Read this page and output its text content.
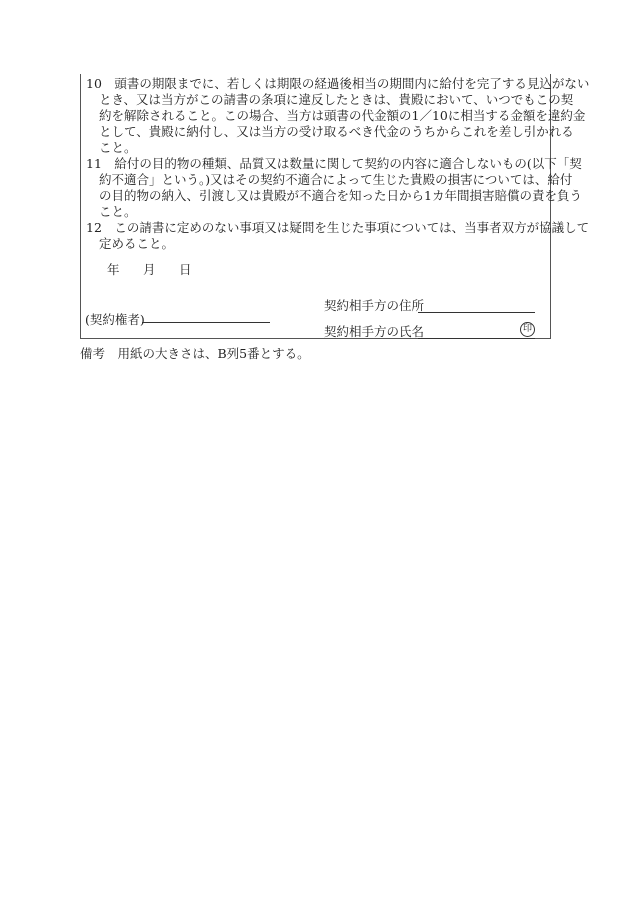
10　頭書の期限までに、若しくは期限の経過後相当の期間内に給付を完了する見込がない
とき、又は当方がこの請書の条項に違反したときは、貴殿において、いつでもこの契
約を解除されること。この場合、当方は頭書の代金額の1／10に相当する金額を違約金
として、貴殿に納付し、又は当方の受け取るべき代金のうちからこれを差し引かれる
こと。
11　給付の目的物の種類、品質又は数量に関して契約の内容に適合しないもの(以下「契
約不適合」という。)又はその契約不適合によって生じた貴殿の損害については、給付
の目的物の納入、引渡し又は貴殿が不適合を知った日から1カ年間損害賠償の責を負う
こと。
12　この請書に定めのない事項又は疑問を生じた事項については、当事者双方が協議して
定めること。
年 月 日
契約相手方の住所
(契約権者)
契約相手方の氏名	印
備考　用紙の大きさは、B列5番とする。
